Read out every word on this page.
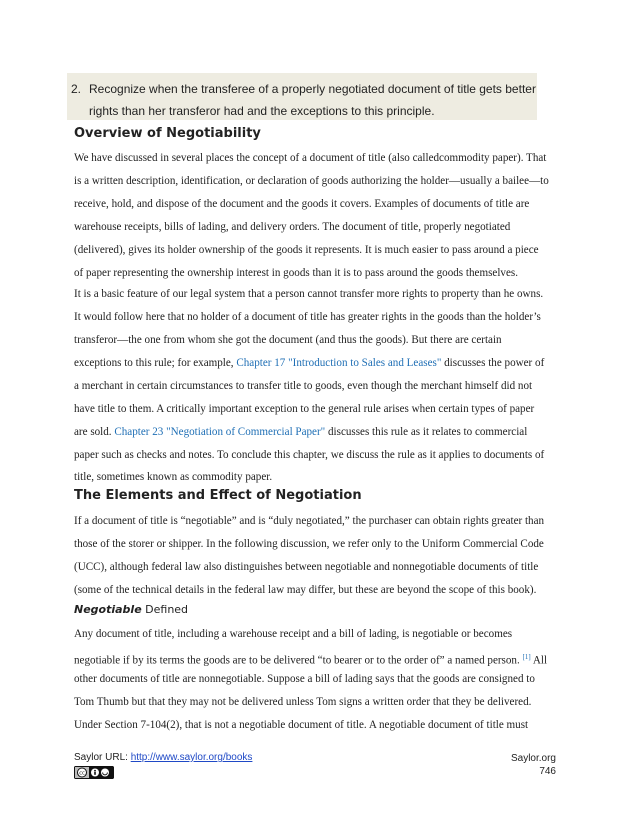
2. Recognize when the transferee of a properly negotiated document of title gets better
rights than her transferor had and the exceptions to this principle.
Overview of Negotiability
We have discussed in several places the concept of a document of title (also calledcommodity paper). That
is a written description, identification, or declaration of goods authorizing the holder—usually a bailee—to
receive, hold, and dispose of the document and the goods it covers. Examples of documents of title are
warehouse receipts, bills of lading, and delivery orders. The document of title, properly negotiated
(delivered), gives its holder ownership of the goods it represents. It is much easier to pass around a piece
of paper representing the ownership interest in goods than it is to pass around the goods themselves.
It is a basic feature of our legal system that a person cannot transfer more rights to property than he owns.
It would follow here that no holder of a document of title has greater rights in the goods than the holder’s
transferor—the one from whom she got the document (and thus the goods). But there are certain
exceptions to this rule; for example, Chapter 17 "Introduction to Sales and Leases" discusses the power of
a merchant in certain circumstances to transfer title to goods, even though the merchant himself did not
have title to them. A critically important exception to the general rule arises when certain types of paper
are sold. Chapter 23 "Negotiation of Commercial Paper" discusses this rule as it relates to commercial
paper such as checks and notes. To conclude this chapter, we discuss the rule as it applies to documents of
title, sometimes known as commodity paper.
The Elements and Effect of Negotiation
If a document of title is “negotiable” and is “duly negotiated,” the purchaser can obtain rights greater than
those of the storer or shipper. In the following discussion, we refer only to the Uniform Commercial Code
(UCC), although federal law also distinguishes between negotiable and nonnegotiable documents of title
(some of the technical details in the federal law may differ, but these are beyond the scope of this book).
Negotiable Defined
Any document of title, including a warehouse receipt and a bill of lading, is negotiable or becomes
negotiable if by its terms the goods are to be delivered “to bearer or to the order of” a named person. [1] All
other documents of title are nonnegotiable. Suppose a bill of lading says that the goods are consigned to
Tom Thumb but that they may not be delivered unless Tom signs a written order that they be delivered.
Under Section 7-104(2), that is not a negotiable document of title. A negotiable document of title must
Saylor URL: http://www.saylor.org/books
cc
Saylor.org
746
